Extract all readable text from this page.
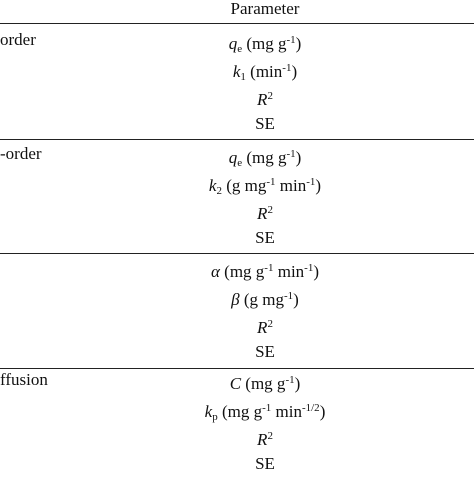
Parameter
order	$q_e$ (mg $g^{-1}$)
$k_1$ $(\min^{-1})$
$R^2$
SE
-order	$q_e$ (mg $g^{-1}$)
$k_2$ (g $mg^{-1}$ $\min^{-1}$)
$R^2$
SE
α (mg $g^{-1}$ $\min^{-1}$)
β (g $mg^{-1}$)
$R^2$
SE
ffusion	C (mg $g^{-1}$)
$k_p$ (mg $g^{-1}$ $\min^{-1/2}$)
$R^2$
SE
